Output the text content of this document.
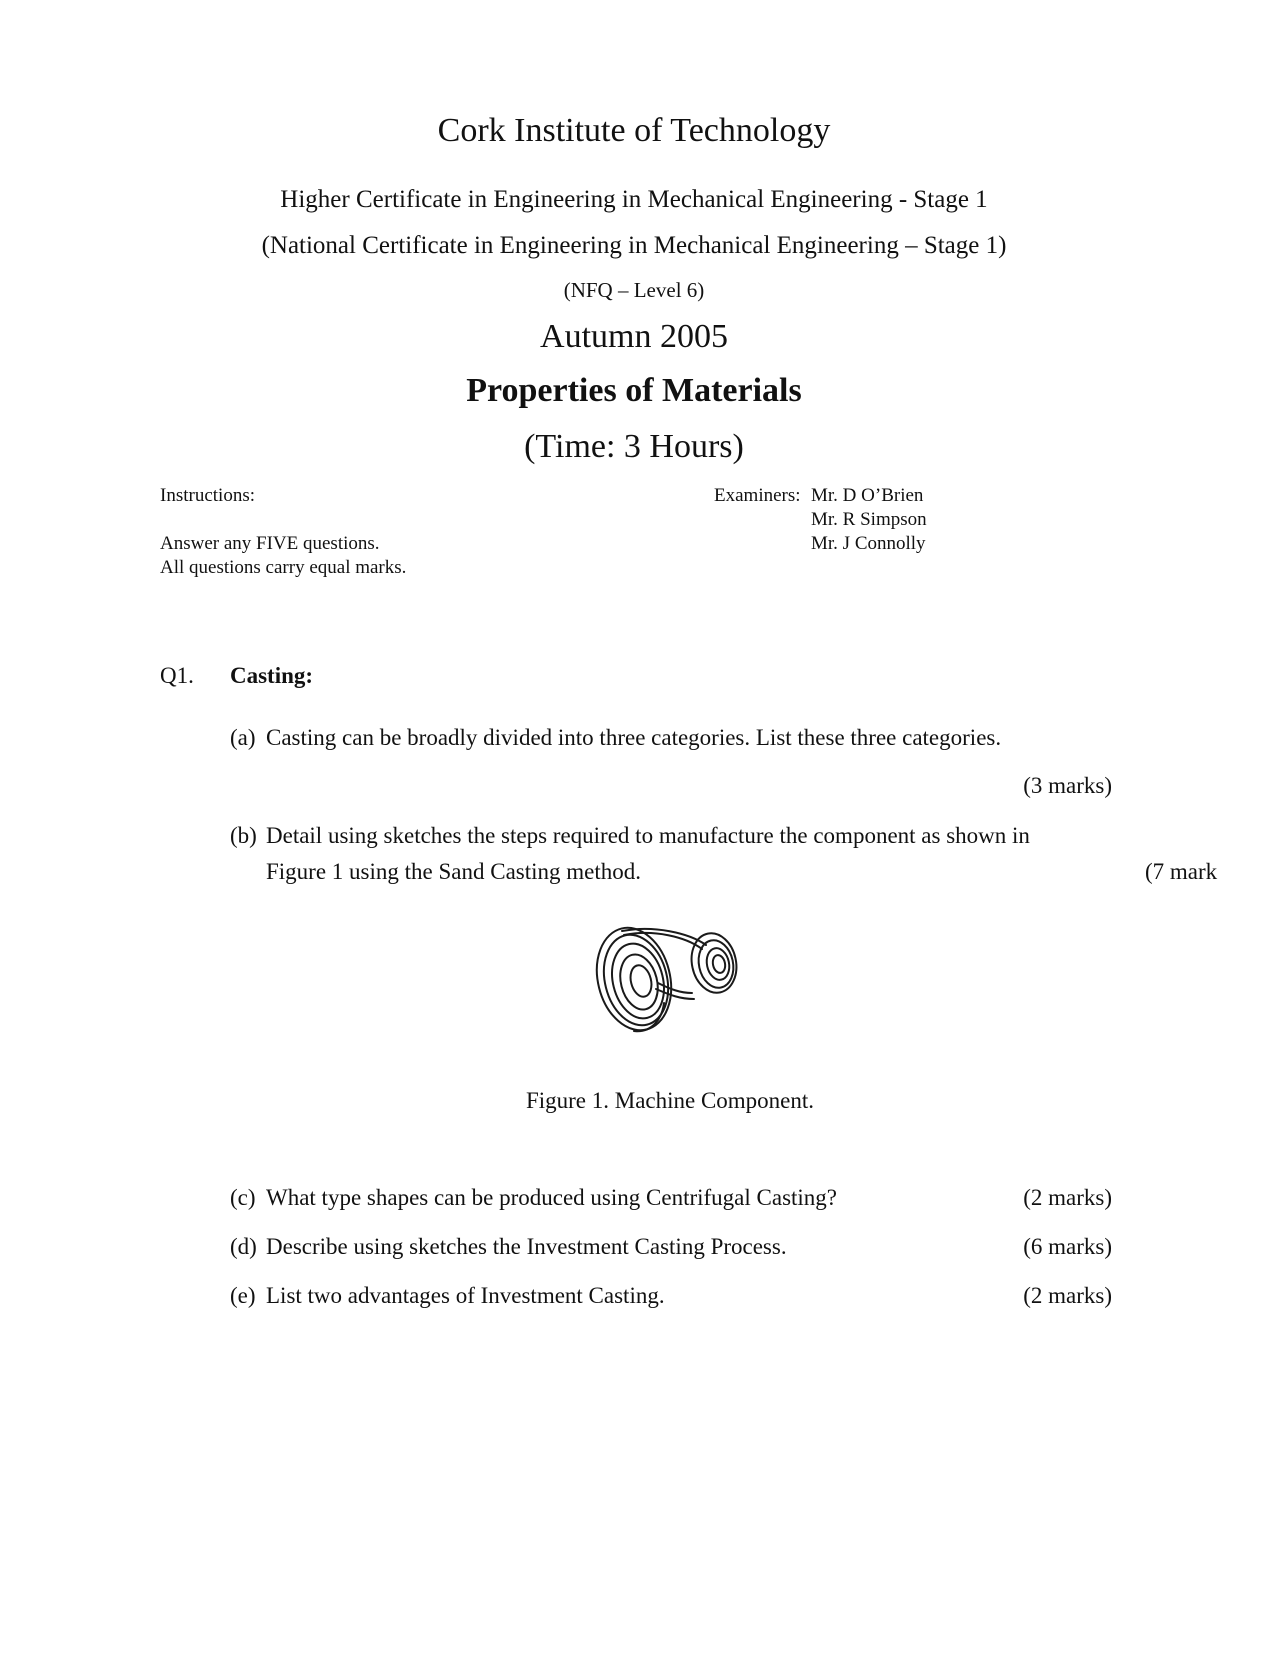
Cork Institute of Technology
Higher Certificate in Engineering in Mechanical Engineering - Stage 1
(National Certificate in Engineering in Mechanical Engineering – Stage 1)
(NFQ – Level 6)
Autumn 2005
Properties of Materials
(Time: 3 Hours)
Instructions:
Answer any FIVE questions.
All questions carry equal marks.
Examiners: Mr. D O’Brien
Mr. R Simpson
Mr. J Connolly
Q1. Casting:
(a) Casting can be broadly divided into three categories. List these three categories.
(3 marks)
(b) Detail using sketches the steps required to manufacture the component as shown in
Figure 1 using the Sand Casting method.	(7 mark
Figure 1. Machine Component.
(c) What type shapes can be produced using Centrifugal Casting?	(2 marks)
(d) Describe using sketches the Investment Casting Process.	(6 marks)
(e) List two advantages of Investment Casting.	(2 marks)
